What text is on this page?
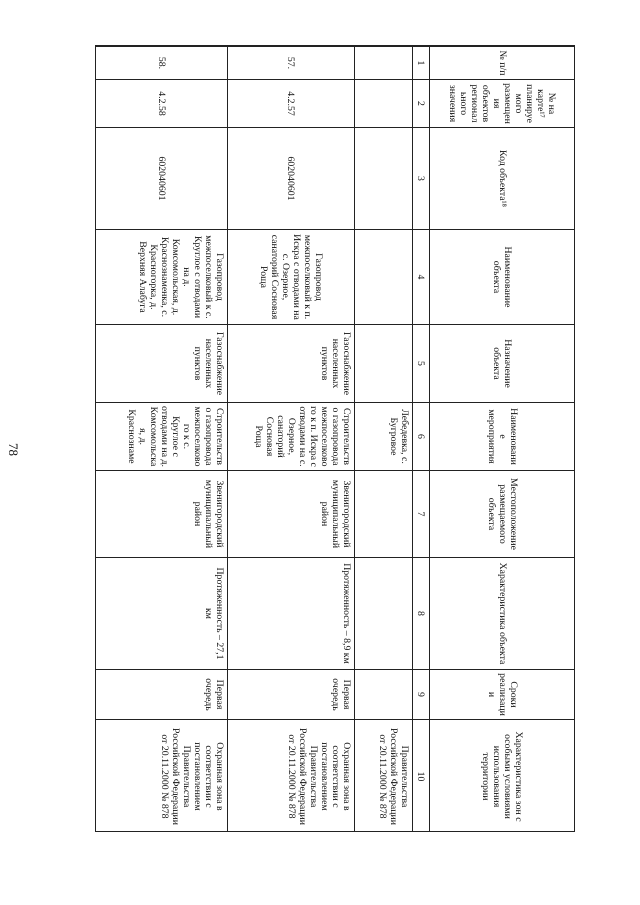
78
№ п/п	№ на карте¹⁷ планируемого размещения объектов регионального значения	Код объекта¹⁸	Наименование объекта	Назначение объекта	Наименование мероприятия	Местоположение размещаемого объекта	Характеристика объекта	Сроки реализации	Характеристика зон с особыми условиями использования территории
1	2	3	4	5	6	7	8	9	10
					Лебедевка, с. Бугровое				Правительства Российской Федерации от 20.11.2000 № 878
57.	4.2.57	602040601	Газопровод межпоселковый к п. Искра с отводами на с. Озерное, санаторий Сосновая Роща	Газоснабжение населенных пунктов	Строительство газопровода межпоселкового к п. Искра с отводами на с. Озерное, санаторий Сосновая Роща	Звенигородский муниципальный район	Протяженность – 8,9 км	Первая очередь	Охранная зона в соответствии с постановлением Правительства Российской Федерации от 20.11.2000 № 878
58.	4.2.58	602040601	Газопровод межпоселковый к с. Круглое с отводами на д. Комсомольская, д. Краснознаменка, с. Красногорка, д. Верхняя Алабуга	Газоснабжение населенных пунктов	Строительство газопровода межпоселкового к с. Круглое с отводами на д. Комсомольская, д. Краснознаме	Звенигородский муниципальный район	Протяженность – 27,1 км	Первая очередь	Охранная зона в соответствии с постановлением Правительства Российской Федерации от 20.11.2000 № 878
